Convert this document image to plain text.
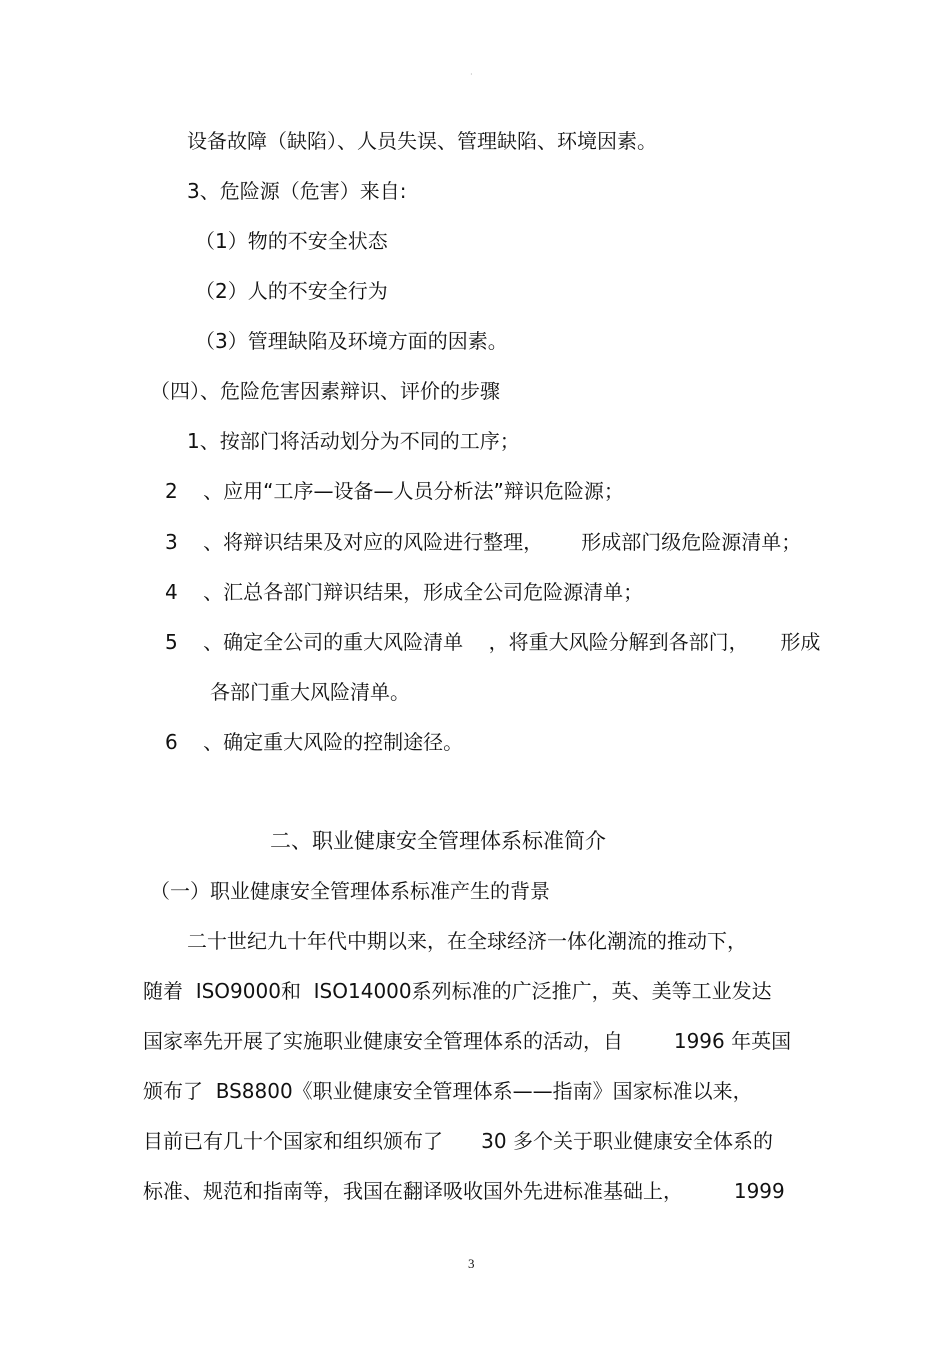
·
设备故障（缺陷）、人员失误、管理缺陷、环境因素。
3、危险源（危害）来自:
（1）物的不安全状态
（2）人的不安全行为
（3）管理缺陷及环境方面的因素。
（四）、危险危害因素辩识、评价的步骤
1、按部门将活动划分为不同的工序；
2    、应用“工序—设备—人员分析法”辩识危险源；
3    、将辩识结果及对应的风险进行整理，      形成部门级危险源清单；
4    、汇总各部门辩识结果，形成全公司危险源清单；
5    、确定全公司的重大风险清单    ，将重大风险分解到各部门，     形成
各部门重大风险清单。
6    、确定重大风险的控制途径。
二、职业健康安全管理体系标准简介
（一）职业健康安全管理体系标准产生的背景
二十世纪九十年代中期以来，在全球经济一体化潮流的推动下，
随着  ISO9000和  ISO14000系列标准的广泛推广，英、美等工业发达
国家率先开展了实施职业健康安全管理体系的活动，自        1996 年英国
颁布了  BS8800《职业健康安全管理体系——指南》国家标准以来，
目前已有几十个国家和组织颁布了      30 多个关于职业健康安全体系的
标准、规范和指南等，我国在翻译吸收国外先进标准基础上，        1999
3
